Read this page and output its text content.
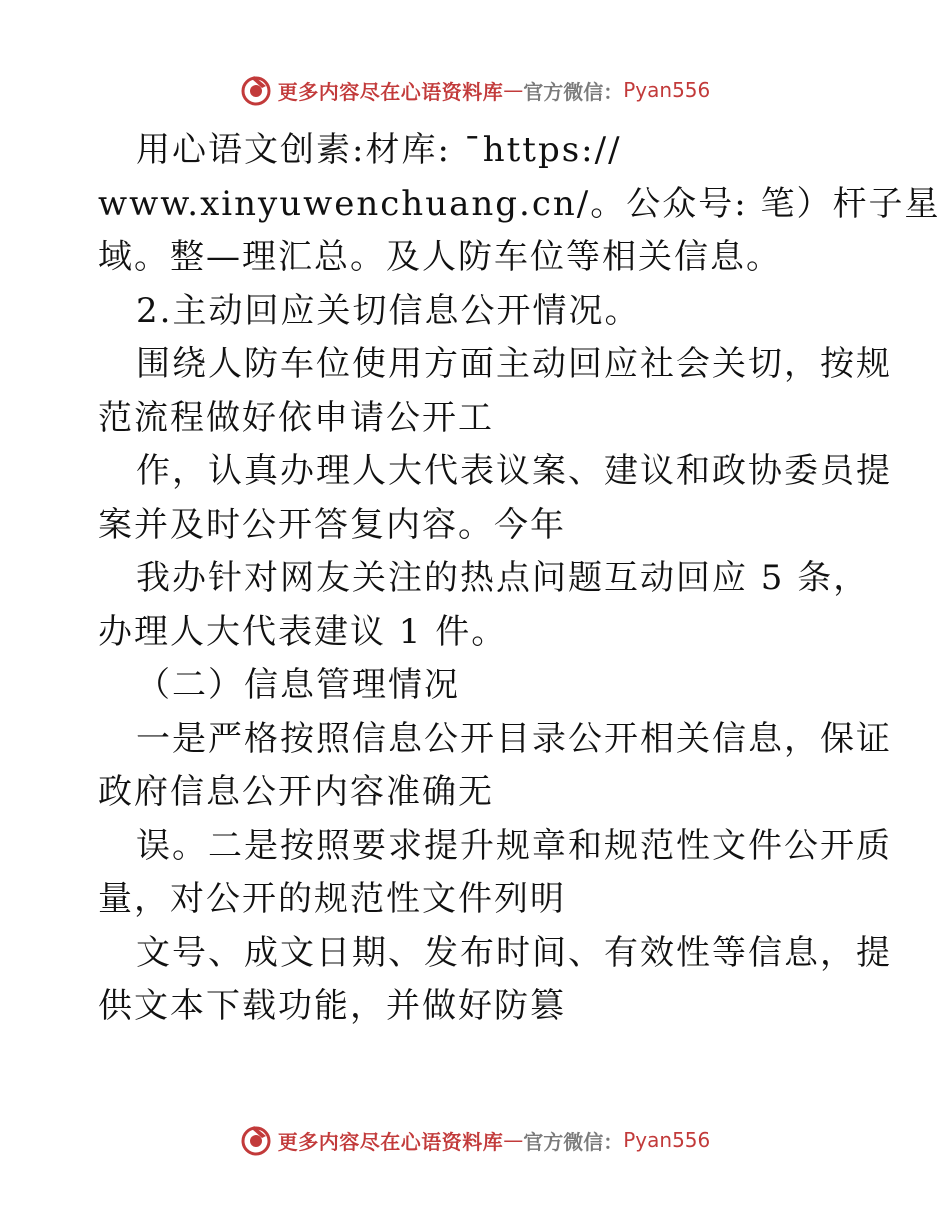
更多内容尽在心语资料库 — 官方微信： Pyan556
用心语文创素:材库: ¯https://
www.xinyuwenchuang.cn/。公众号: 笔）杆子星
域。整—理汇总。及人防车位等相关信息。
2.主动回应关切信息公开情况。
围绕人防车位使用方面主动回应社会关切，按规
范流程做好依申请公开工
作，认真办理人大代表议案、建议和政协委员提
案并及时公开答复内容。今年
我办针对网友关注的热点问题互动回应 5 条，
办理人大代表建议 1 件。
（二）信息管理情况
一是严格按照信息公开目录公开相关信息，保证
政府信息公开内容准确无
误。二是按照要求提升规章和规范性文件公开质
量，对公开的规范性文件列明
文号、成文日期、发布时间、有效性等信息，提
供文本下载功能，并做好防篡
更多内容尽在心语资料库 — 官方微信： Pyan556
